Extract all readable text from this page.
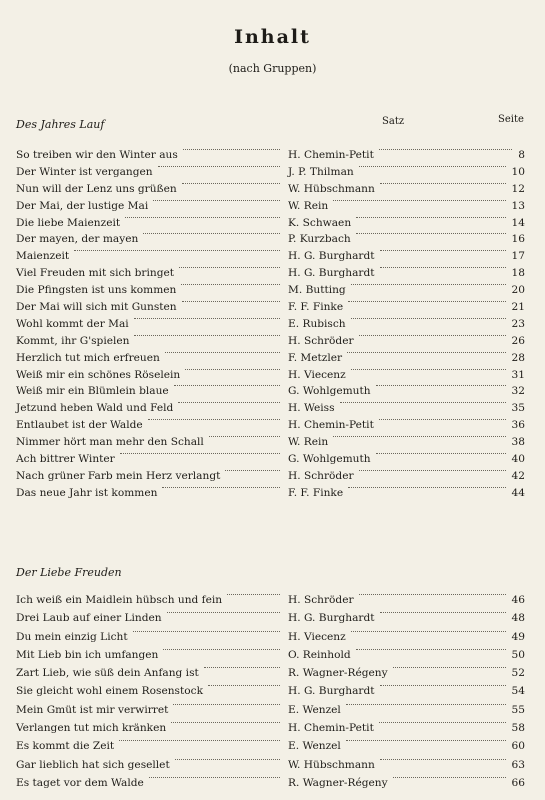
Inhalt
(nach Gruppen)
Des Jahres Lauf	Satz	Seite
So treiben wir den Winter aus	H. Chemin-Petit	8
Der Winter ist vergangen	J. P. Thilman	10
Nun will der Lenz uns grüßen	W. Hübschmann	12
Der Mai, der lustige Mai	W. Rein	13
Die liebe Maienzeit	K. Schwaen	14
Der mayen, der mayen	P. Kurzbach	16
Maienzeit	H. G. Burghardt	17
Viel Freuden mit sich bringet	H. G. Burghardt	18
Die Pfingsten ist uns kommen	M. Butting	20
Der Mai will sich mit Gunsten	F. F. Finke	21
Wohl kommt der Mai	E. Rubisch	23
Kommt, ihr G'spielen	H. Schröder	26
Herzlich tut mich erfreuen	F. Metzler	28
Weiß mir ein schönes Röselein	H. Viecenz	31
Weiß mir ein Blümlein blaue	G. Wohlgemuth	32
Jetzund heben Wald und Feld	H. Weiss	35
Entlaubet ist der Walde	H. Chemin-Petit	36
Nimmer hört man mehr den Schall	W. Rein	38
Ach bittrer Winter	G. Wohlgemuth	40
Nach grüner Farb mein Herz verlangt	H. Schröder	42
Das neue Jahr ist kommen	F. F. Finke	44
Der Liebe Freuden
Ich weiß ein Maidlein hübsch und fein	H. Schröder	46
Drei Laub auf einer Linden	H. G. Burghardt	48
Du mein einzig Licht	H. Viecenz	49
Mit Lieb bin ich umfangen	O. Reinhold	50
Zart Lieb, wie süß dein Anfang ist	R. Wagner-Régeny	52
Sie gleicht wohl einem Rosenstock	H. G. Burghardt	54
Mein Gmüt ist mir verwirret	E. Wenzel	55
Verlangen tut mich kränken	H. Chemin-Petit	58
Es kommt die Zeit	E. Wenzel	60
Gar lieblich hat sich gesellet	W. Hübschmann	63
Es taget vor dem Walde	R. Wagner-Régeny	66
